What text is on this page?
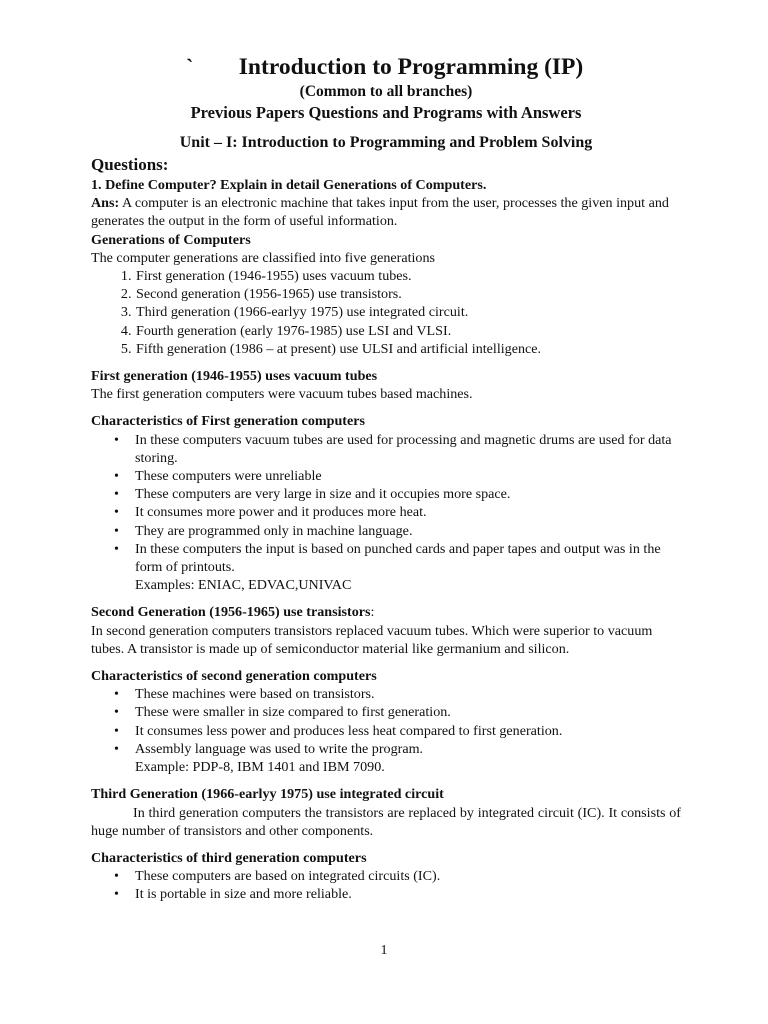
`	Introduction to Programming (IP)
(Common to all branches)
Previous Papers Questions and Programs with Answers
Unit – I: Introduction to Programming and Problem Solving
Questions:

1. Define Computer? Explain in detail Generations of Computers.

Ans: A computer is an electronic machine that takes input from the user, processes the given input and generates the output in the form of useful information.

Generations of Computers

The computer generations are classified into five generations

1. First generation (1946-1955) uses vacuum tubes.
2. Second generation (1956-1965) use transistors.
3. Third generation (1966-earlyy 1975) use integrated circuit.
4. Fourth generation (early 1976-1985) use LSI and VLSI.
5. Fifth generation (1986 – at present) use ULSI and artificial intelligence.

First generation (1946-1955) uses vacuum tubes

The first generation computers were vacuum tubes based machines.

Characteristics of First generation computers

• In these computers vacuum tubes are used for processing and magnetic drums are used for data storing.
• These computers were unreliable
• These computers are very large in size and it occupies more space.
• It consumes more power and it produces more heat.
• They are programmed only in machine language.
• In these computers the input is based on punched cards and paper tapes and output was in the form of printouts.

Examples: ENIAC, EDVAC,UNIVAC

Second Generation (1956-1965) use transistors:

In second generation computers transistors replaced vacuum tubes. Which were superior to vacuum tubes. A transistor is made up of semiconductor material like germanium and silicon.

Characteristics of second generation computers

• These machines were based on transistors.
• These were smaller in size compared to first generation.
• It consumes less power and produces less heat compared to first generation.
• Assembly language was used to write the program.

Example: PDP-8, IBM 1401 and IBM 7090.

Third Generation (1966-earlyy 1975) use integrated circuit

In third generation computers the transistors are replaced by integrated circuit (IC). It consists of huge number of transistors and other components.

Characteristics of third generation computers

• These computers are based on integrated circuits (IC).
• It is portable in size and more reliable.
1
